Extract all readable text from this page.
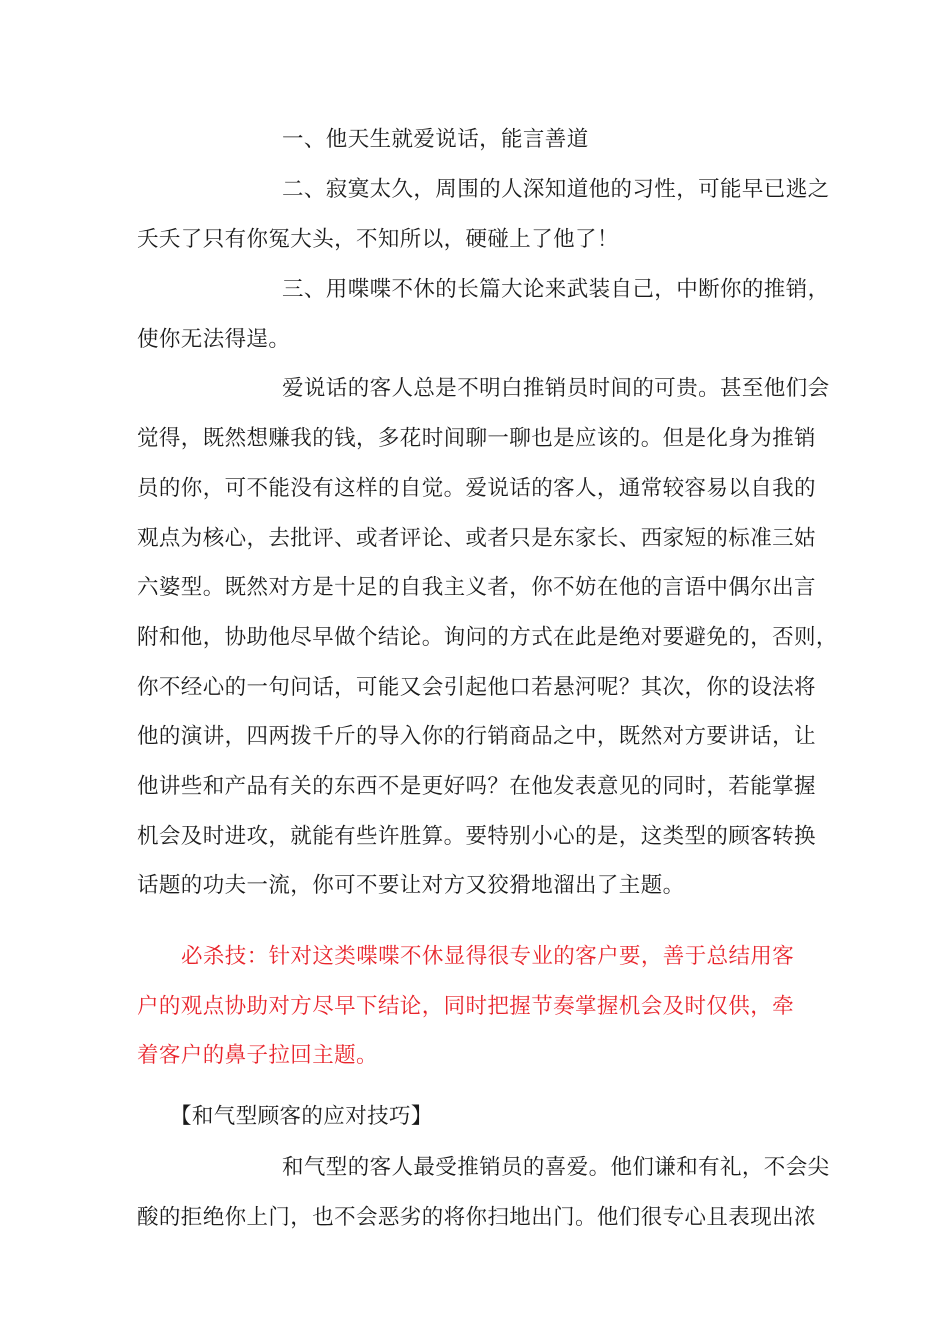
一、他天生就爱说话，能言善道
二、寂寞太久，周围的人深知道他的习性，可能早已逃之
夭夭了只有你冤大头，不知所以，硬碰上了他了！
三、用喋喋不休的长篇大论来武装自己，中断你的推销，
使你无法得逞。
爱说话的客人总是不明白推销员时间的可贵。甚至他们会
觉得，既然想赚我的钱，多花时间聊一聊也是应该的。但是化身为推销
员的你，可不能没有这样的自觉。爱说话的客人，通常较容易以自我的
观点为核心，去批评、或者评论、或者只是东家长、西家短的标准三姑
六婆型。既然对方是十足的自我主义者，你不妨在他的言语中偶尔出言
附和他，协助他尽早做个结论。询问的方式在此是绝对要避免的，否则，
你不经心的一句问话，可能又会引起他口若悬河呢？其次，你的设法将
他的演讲，四两拨千斤的导入你的行销商品之中，既然对方要讲话，让
他讲些和产品有关的东西不是更好吗？在他发表意见的同时，若能掌握
机会及时进攻，就能有些许胜算。要特别小心的是，这类型的顾客转换
话题的功夫一流，你可不要让对方又狡猾地溜出了主题。
必杀技：针对这类喋喋不休显得很专业的客户要，善于总结用客
户的观点协助对方尽早下结论，同时把握节奏掌握机会及时仅供，牵
着客户的鼻子拉回主题。
【和气型顾客的应对技巧】
和气型的客人最受推销员的喜爱。他们谦和有礼，不会尖
酸的拒绝你上门，也不会恶劣的将你扫地出门。他们很专心且表现出浓
